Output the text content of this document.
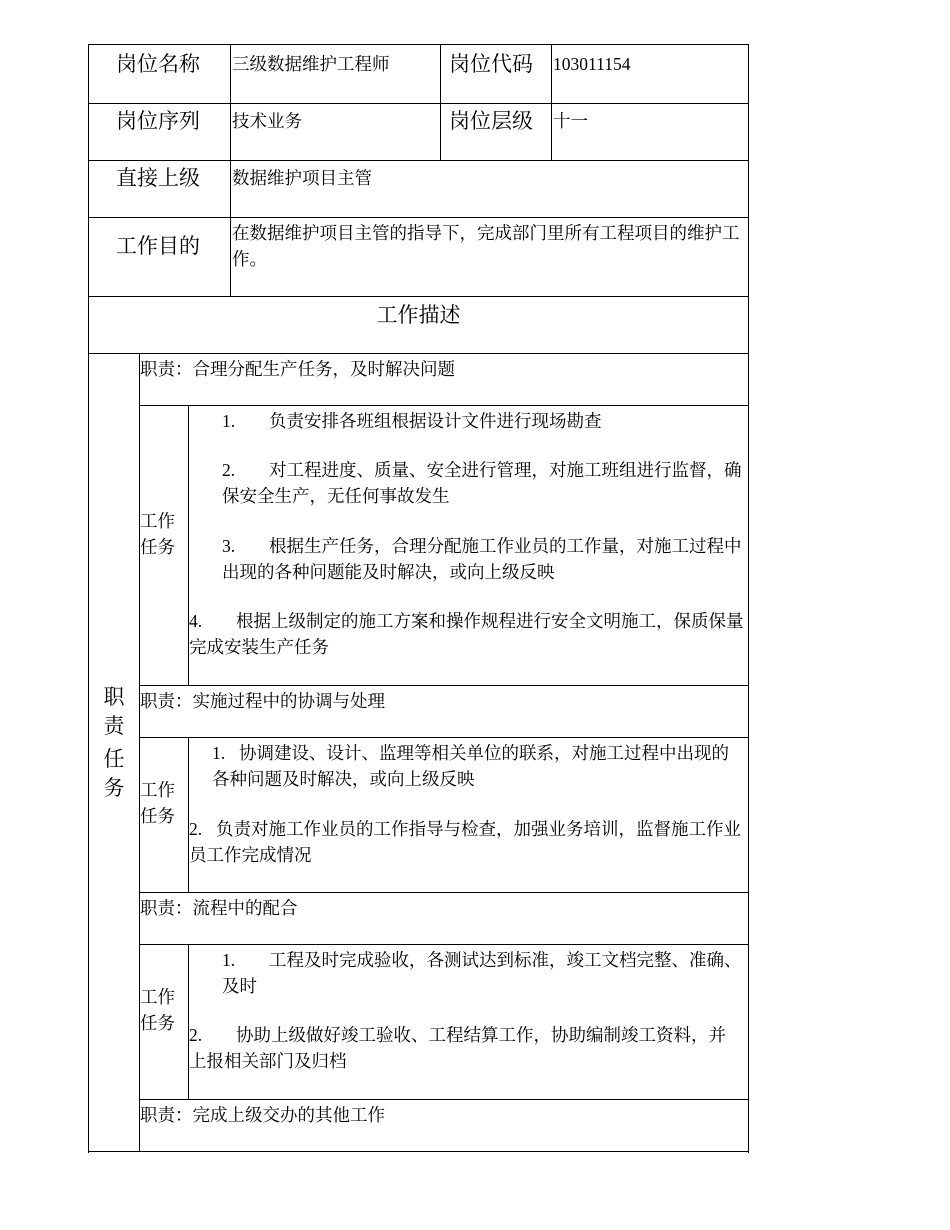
岗位名称 三级数据维护工程师	岗位代码 103011154
岗位序列 技术业务	岗位层级 十一
直接上级 数据维护项目主管
工作目的
在数据维护项目主管的指导下，完成部门里所有工程项目的维护工作。
工作描述
职
责
任
务
职责：合理分配生产任务，及时解决问题
工作
任务
1. 负责安排各班组根据设计文件进行现场勘查
2. 对工程进度、质量、安全进行管理，对施工班组进行监督，确保安全生产，无任何事故发生
3. 根据生产任务，合理分配施工作业员的工作量，对施工过程中出现的各种问题能及时解决，或向上级反映
4. 根据上级制定的施工方案和操作规程进行安全文明施工，保质保量完成安装生产任务
职责：实施过程中的协调与处理
工作
任务
1. 协调建设、设计、监理等相关单位的联系，对施工过程中出现的各种问题及时解决，或向上级反映
2. 负责对施工作业员的工作指导与检查，加强业务培训，监督施工作业员工作完成情况
职责：流程中的配合
工作
任务
1. 工程及时完成验收，各测试达到标准，竣工文档完整、准确、及时
2. 协助上级做好竣工验收、工程结算工作，协助编制竣工资料，并上报相关部门及归档
职责：完成上级交办的其他工作
